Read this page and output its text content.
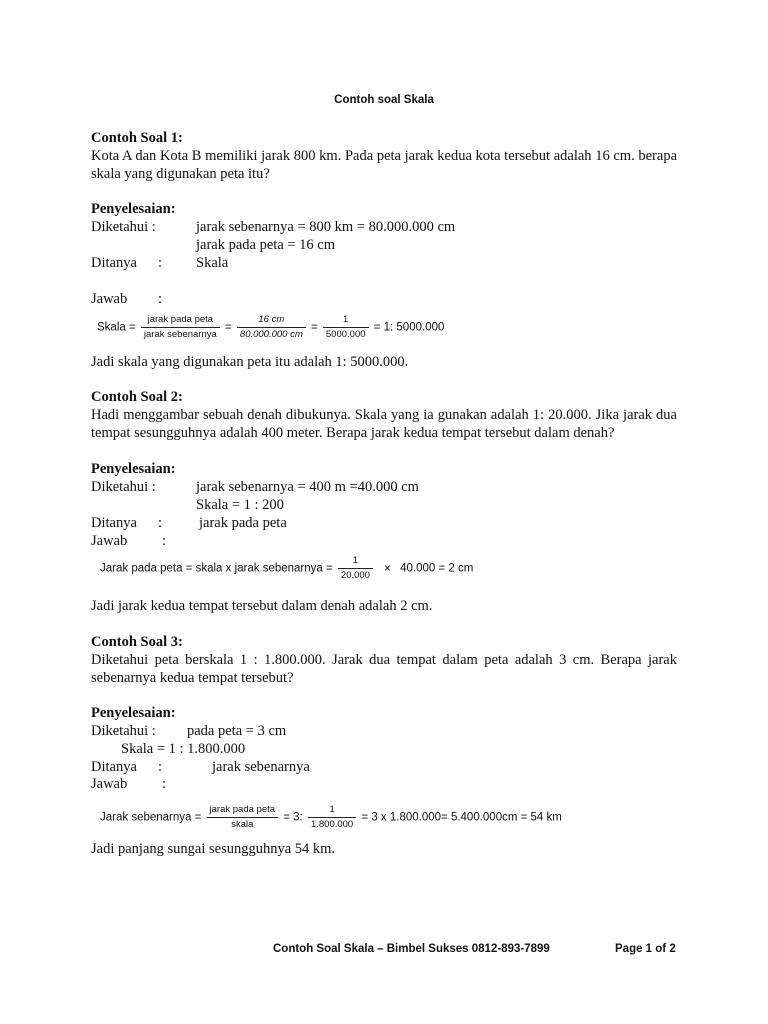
Contoh soal Skala
Contoh Soal 1:
Kota A dan Kota B memiliki jarak 800 km. Pada peta jarak kedua kota tersebut adalah 16 cm. berapa skala yang digunakan peta itu?
Penyelesaian:
Diketahui :	jarak sebenarnya = 800 km = 80.000.000 cm
jarak pada peta = 16 cm
Ditanya : Skala
Jawab :
Skala = $\frac{\text{jarak pada peta}}{\text{jarak sebenarnya}} = \frac{16 cm}{80.000.000 cm} = \frac{1}{5000.000} = 1$: 5000.000
Jadi skala yang digunakan peta itu adalah 1: 5000.000.
Contoh Soal 2:
Hadi menggambar sebuah denah dibukunya. Skala yang ia gunakan adalah 1: 20.000. Jika jarak dua tempat sesungguhnya adalah 400 meter. Berapa jarak kedua tempat tersebut dalam denah?
Penyelesaian:
Diketahui :	jarak sebenarnya = 400 m =40.000 cm
Skala = 1 : 200
Ditanya :	jarak pada peta
Jawab :
Jarak pada peta = skala x jarak sebenarnya = $\frac{1}{20.000} \times 40.000 = 2$ cm
Jadi jarak kedua tempat tersebut dalam denah adalah 2 cm.
Contoh Soal 3:
Diketahui peta berskala 1 : 1.800.000. Jarak dua tempat dalam peta adalah 3 cm. Berapa jarak sebenarnya kedua tempat tersebut?
Penyelesaian:
Diketahui : pada peta = 3 cm
Skala = 1 : 1.800.000
Ditanya :	jarak sebenarnya
Jawab :
Jarak sebenarnya = $\frac{\text{jarak pada peta}}{\text{skala}} = 3$: $\frac{1}{1.800.000} = 3$ x 1.800.000= 5.400.000cm = 54 km
Jadi panjang sungai sesungguhnya 54 km.
Contoh Soal Skala – Bimbel Sukses 0812-893-7899	Page 1 of 2
